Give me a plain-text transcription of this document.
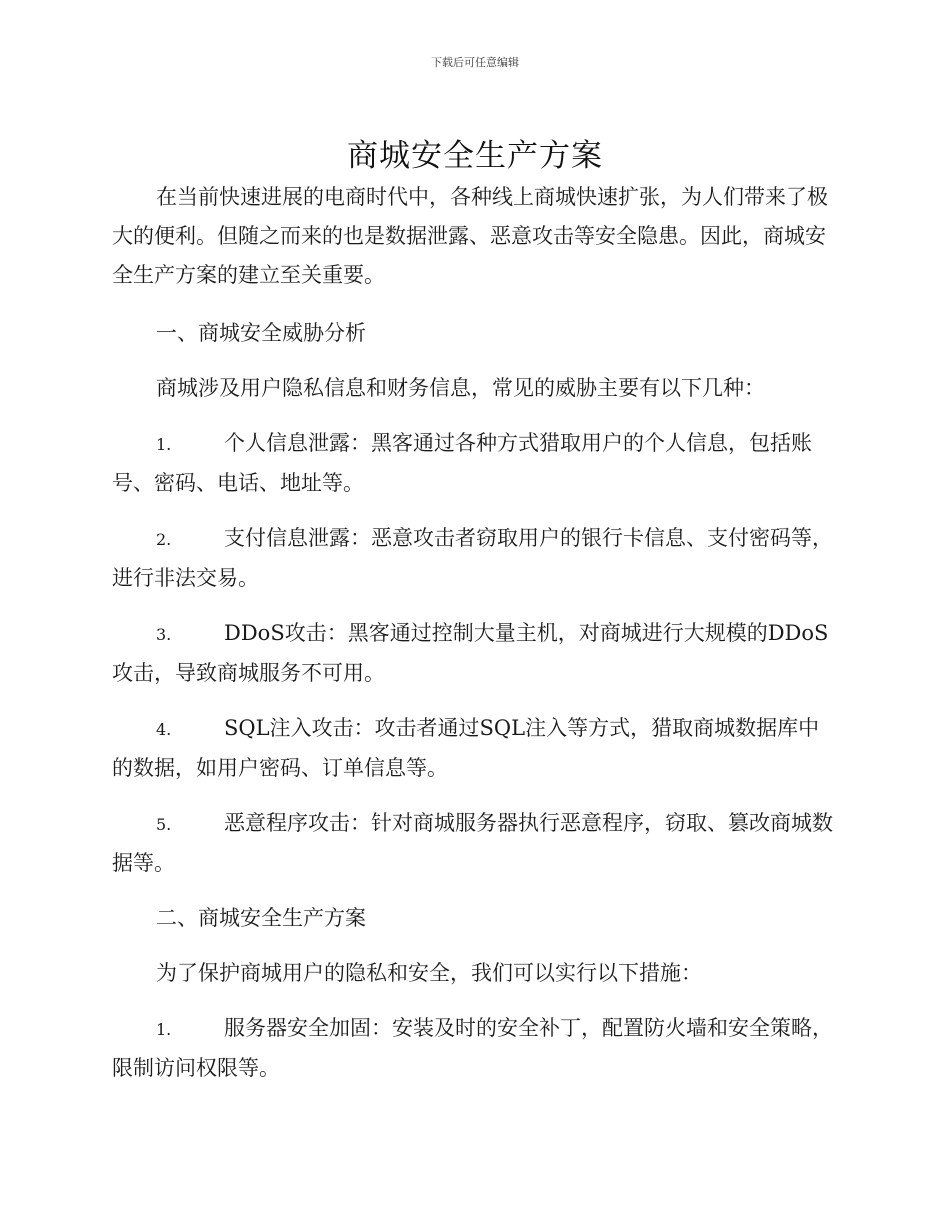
下载后可任意编辑
商城安全生产方案

在当前快速进展的电商时代中，各种线上商城快速扩张，为人们带来了极大的便利。但随之而来的也是数据泄露、恶意攻击等安全隐患。因此，商城安全生产方案的建立至关重要。

一、商城安全威胁分析

商城涉及用户隐私信息和财务信息，常见的威胁主要有以下几种：

1.	个人信息泄露：黑客通过各种方式猎取用户的个人信息，包括账号、密码、电话、地址等。

2.	支付信息泄露：恶意攻击者窃取用户的银行卡信息、支付密码等，进行非法交易。

3.	DDoS攻击：黑客通过控制大量主机，对商城进行大规模的DDoS攻击，导致商城服务不可用。

4.	SQL注入攻击：攻击者通过SQL注入等方式，猎取商城数据库中的数据，如用户密码、订单信息等。

5.	恶意程序攻击：针对商城服务器执行恶意程序，窃取、篡改商城数据等。

二、商城安全生产方案

为了保护商城用户的隐私和安全，我们可以实行以下措施：

1.	服务器安全加固：安装及时的安全补丁，配置防火墙和安全策略，限制访问权限等。
